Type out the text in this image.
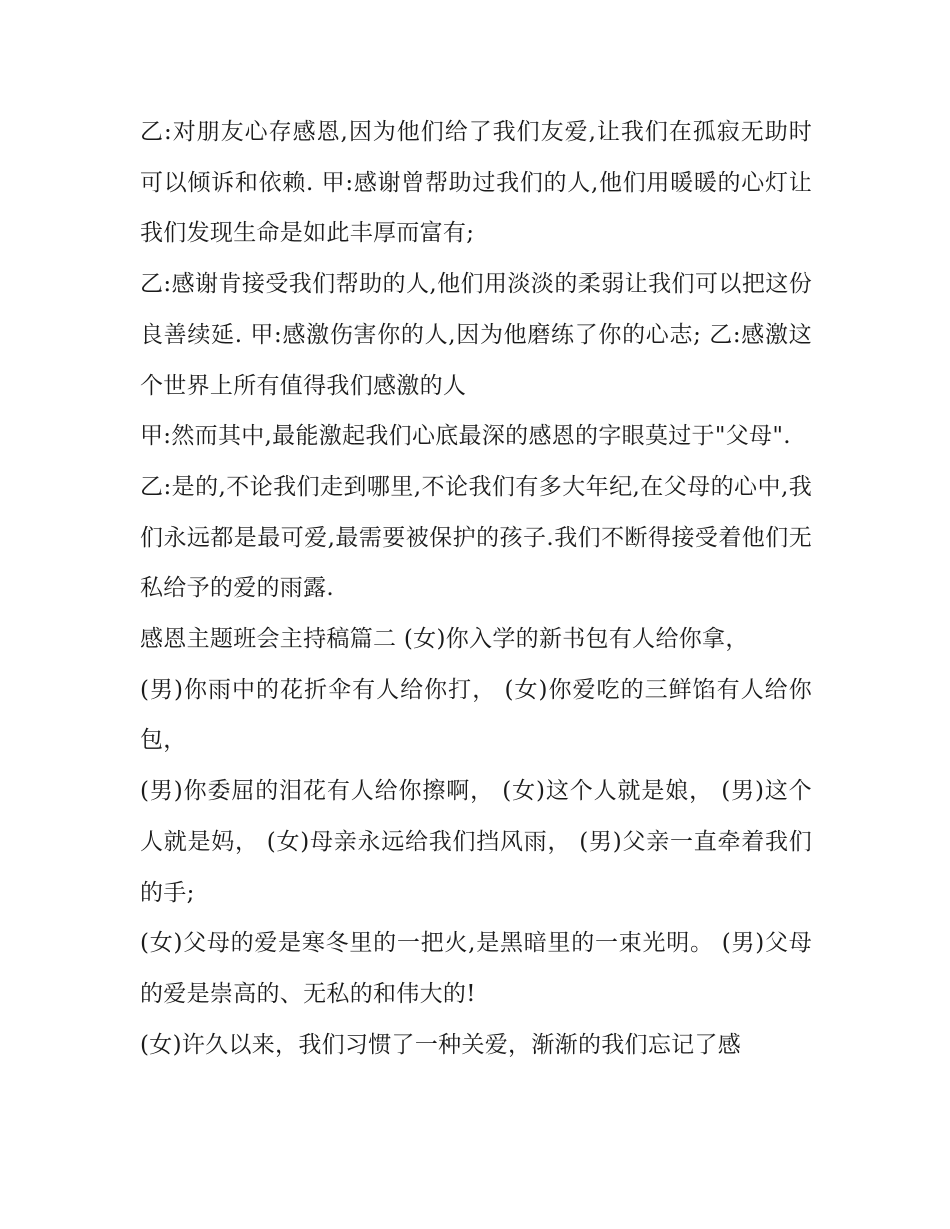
乙:对朋友心存感恩,因为他们给了我们友爱,让我们在孤寂无助时可以倾诉和依赖. 甲:感谢曾帮助过我们的人,他们用暖暖的心灯让我们发现生命是如此丰厚而富有;

乙:感谢肯接受我们帮助的人,他们用淡淡的柔弱让我们可以把这份良善续延. 甲:感激伤害你的人,因为他磨练了你的心志; 乙:感激这个世界上所有值得我们感激的人

甲:然而其中,最能激起我们心底最深的感恩的字眼莫过于"父母".

乙:是的,不论我们走到哪里,不论我们有多大年纪,在父母的心中,我们永远都是最可爱,最需要被保护的孩子.我们不断得接受着他们无私给予的爱的雨露.

感恩主题班会主持稿篇二 (女)你入学的新书包有人给你拿，

(男)你雨中的花折伞有人给你打， (女)你爱吃的三鲜馅有人给你包，

(男)你委屈的泪花有人给你擦啊， (女)这个人就是娘， (男)这个人就是妈， (女)母亲永远给我们挡风雨， (男)父亲一直牵着我们的手;

(女)父母的爱是寒冬里的一把火,是黑暗里的一束光明。 (男)父母的爱是崇高的、无私的和伟大的!

(女)许久以来，我们习惯了一种关爱，渐渐的我们忘记了感
